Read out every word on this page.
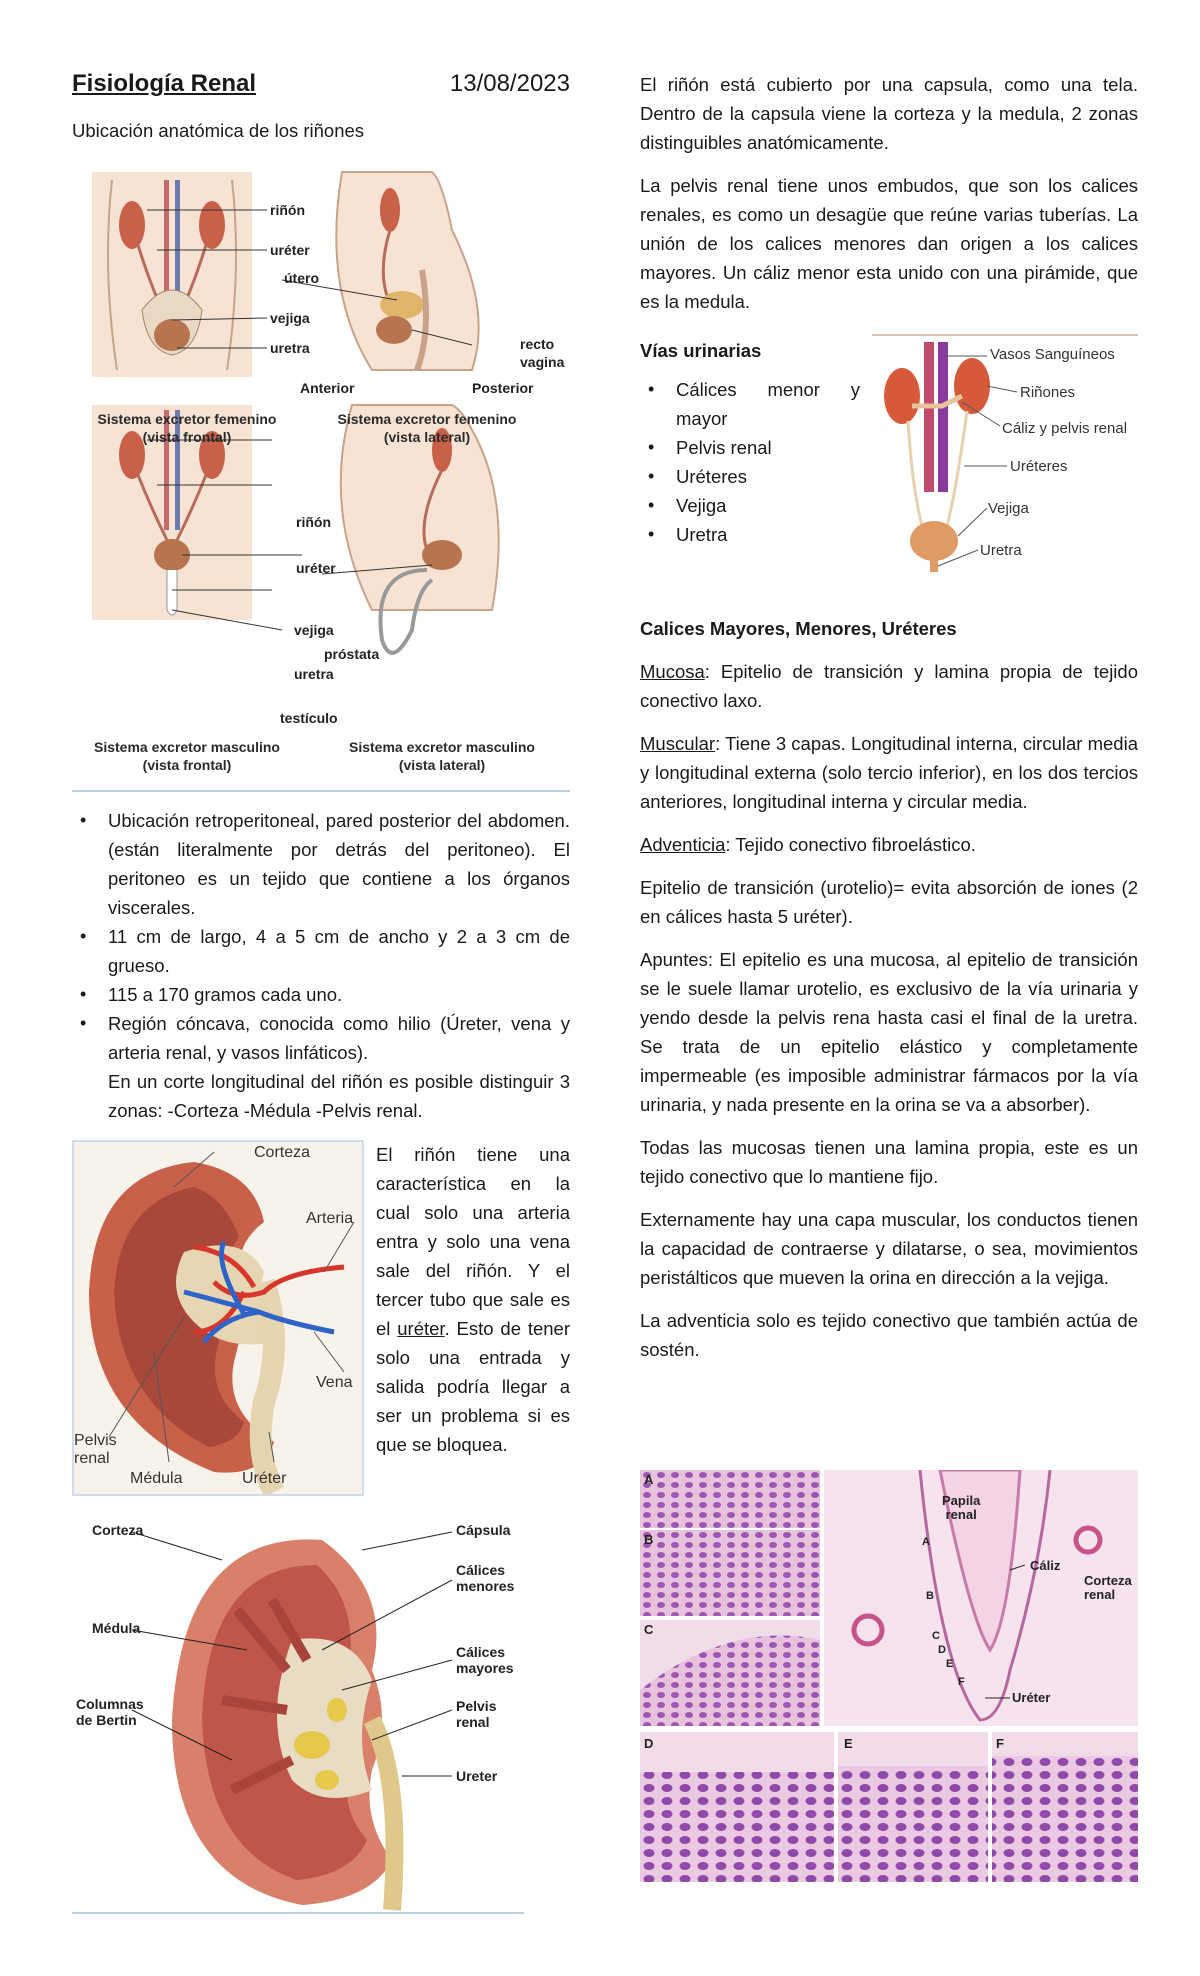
Fisiología Renal	13/08/2023

Ubicación anatómica de los riñones

riñón
uréter
útero
vejiga
uretra	recto
vagina
Anterior	Posterior
Sistema excretor femenino
(vista frontal)
Sistema excretor femenino
(vista lateral)
riñón
uréter
vejiga
próstata
uretra
testículo
Sistema excretor masculino
(vista frontal)
Sistema excretor masculino
(vista lateral)
• Ubicación retroperitoneal, pared posterior del abdomen. (están literalmente por detrás del peritoneo). El peritoneo es un tejido que contiene a los órganos viscerales.
• 11 cm de largo, 4 a 5 cm de ancho y 2 a 3 cm de grueso.
• 115 a 170 gramos cada uno.
• Región cóncava, conocida como hilio (Úreter, vena y arteria renal, y vasos linfáticos).
En un corte longitudinal del riñón es posible distinguir 3 zonas: -Corteza -Médula -Pelvis renal.
Corteza
Arteria
Vena
Pelvis
renal
Médula	Uréter

El riñón tiene una característica en la cual solo una arteria entra y solo una vena sale del riñón. Y el tercer tubo que sale es el uréter. Esto de tener solo una entrada y salida podría llegar a ser un problema si es que se bloquea.

Corteza	Cápsula
Cálices
menores
Médula
Cálices
mayores
Pelvis
renal
Columnas
de Bertin
Ureter

El riñón está cubierto por una capsula, como una tela. Dentro de la capsula viene la corteza y la medula, 2 zonas distinguibles anatómicamente.

La pelvis renal tiene unos embudos, que son los calices renales, es como un desagüe que reúne varias tuberías. La unión de los calices menores dan origen a los calices mayores. Un cáliz menor esta unido con una pirámide, que es la medula.

Vías urinarias

• Cálices menor y mayor
• Pelvis renal
• Uréteres
• Vejiga
• Uretra
Vasos Sanguíneos
Riñones
Cáliz y pelvis renal
Uréteres
Vejiga
Uretra

Calices Mayores, Menores, Uréteres

Mucosa: Epitelio de transición y lamina propia de tejido conectivo laxo.

Muscular: Tiene 3 capas. Longitudinal interna, circular media y longitudinal externa (solo tercio inferior), en los dos tercios anteriores, longitudinal interna y circular media.

Adventicia: Tejido conectivo fibroelástico.

Epitelio de transición (urotelio)= evita absorción de iones (2 en cálices hasta 5 uréter).

Apuntes: El epitelio es una mucosa, al epitelio de transición se le suele llamar urotelio, es exclusivo de la vía urinaria y yendo desde la pelvis rena hasta casi el final de la uretra. Se trata de un epitelio elástico y completamente impermeable (es imposible administrar fármacos por la vía urinaria, y nada presente en la orina se va a absorber).

Todas las mucosas tienen una lamina propia, este es un tejido conectivo que lo mantiene fijo.

Externamente hay una capa muscular, los conductos tienen la capacidad de contraerse y dilatarse, o sea, movimientos peristálticos que mueven la orina en dirección a la vejiga.

La adventicia solo es tejido conectivo que también actúa de sostén.

A
B
C
D	E	F
Papila
renal
Cáliz
Corteza
renal
Uréter
A
B
C
D
E
F
